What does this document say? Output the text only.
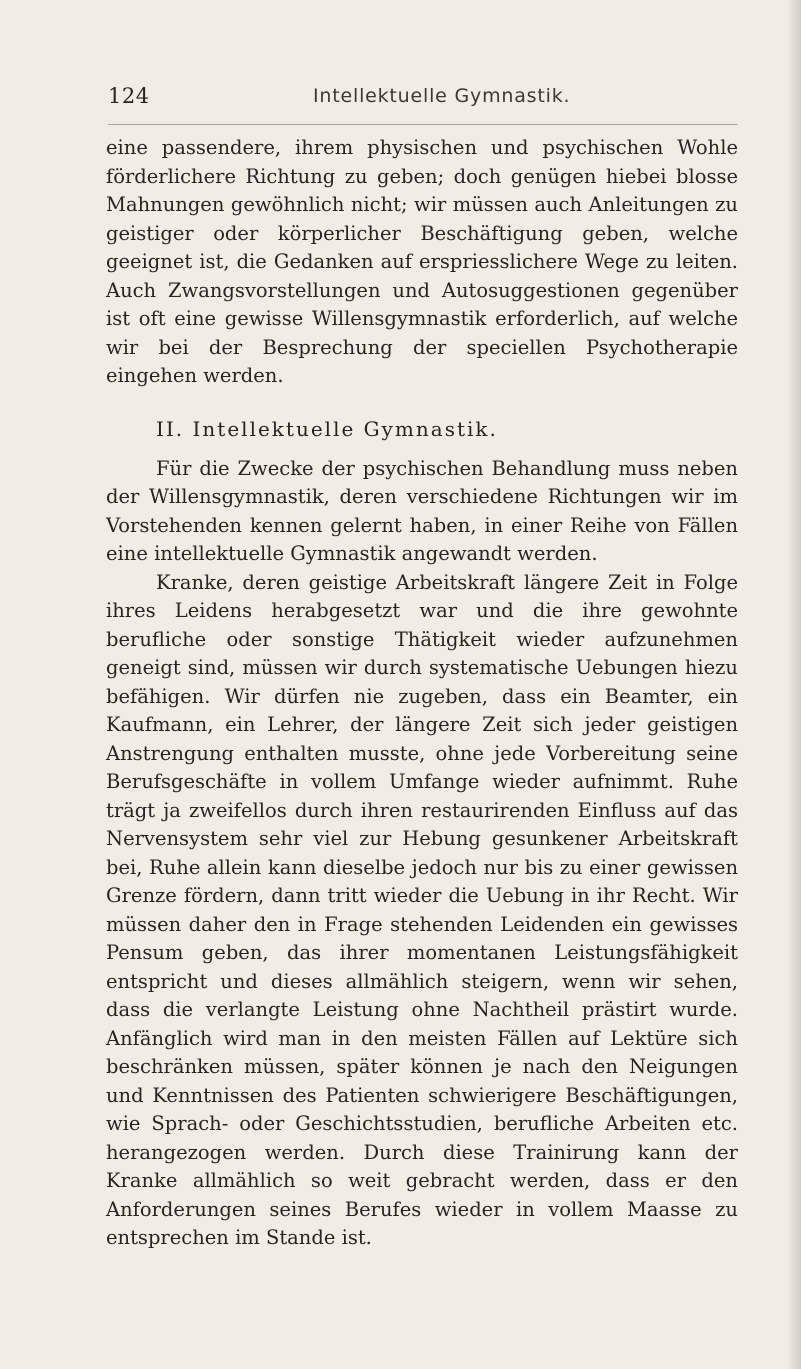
124	Intellektuelle Gymnastik.

eine passendere, ihrem physischen und psychischen Wohle förderlichere Richtung zu geben; doch genügen hiebei blosse Mahnungen gewöhnlich nicht; wir müssen auch Anleitungen zu geistiger oder körperlicher Beschäftigung geben, welche geeignet ist, die Gedanken auf erspriesslichere Wege zu leiten. Auch Zwangsvorstellungen und Autosuggestionen gegenüber ist oft eine gewisse Willensgymnastik erforderlich, auf welche wir bei der Besprechung der speciellen Psychotherapie eingehen werden.

II. Intellektuelle Gymnastik.

Für die Zwecke der psychischen Behandlung muss neben der Willensgymnastik, deren verschiedene Richtungen wir im Vorstehenden kennen gelernt haben, in einer Reihe von Fällen eine intellektuelle Gymnastik angewandt werden.

Kranke, deren geistige Arbeitskraft längere Zeit in Folge ihres Leidens herabgesetzt war und die ihre gewohnte berufliche oder sonstige Thätigkeit wieder aufzunehmen geneigt sind, müssen wir durch systematische Uebungen hiezu befähigen. Wir dürfen nie zugeben, dass ein Beamter, ein Kaufmann, ein Lehrer, der längere Zeit sich jeder geistigen Anstrengung enthalten musste, ohne jede Vorbereitung seine Berufsgeschäfte in vollem Umfange wieder aufnimmt. Ruhe trägt ja zweifellos durch ihren restaurirenden Einfluss auf das Nervensystem sehr viel zur Hebung gesunkener Arbeitskraft bei, Ruhe allein kann dieselbe jedoch nur bis zu einer gewissen Grenze fördern, dann tritt wieder die Uebung in ihr Recht. Wir müssen daher den in Frage stehenden Leidenden ein gewisses Pensum geben, das ihrer momentanen Leistungsfähigkeit entspricht und dieses allmählich steigern, wenn wir sehen, dass die verlangte Leistung ohne Nachtheil prästirt wurde. Anfänglich wird man in den meisten Fällen auf Lektüre sich beschränken müssen, später können je nach den Neigungen und Kenntnissen des Patienten schwierigere Beschäftigungen, wie Sprach- oder Geschichtsstudien, berufliche Arbeiten etc. herangezogen werden. Durch diese Trainirung kann der Kranke allmählich so weit gebracht werden, dass er den Anforderungen seines Berufes wieder in vollem Maasse zu entsprechen im Stande ist.
